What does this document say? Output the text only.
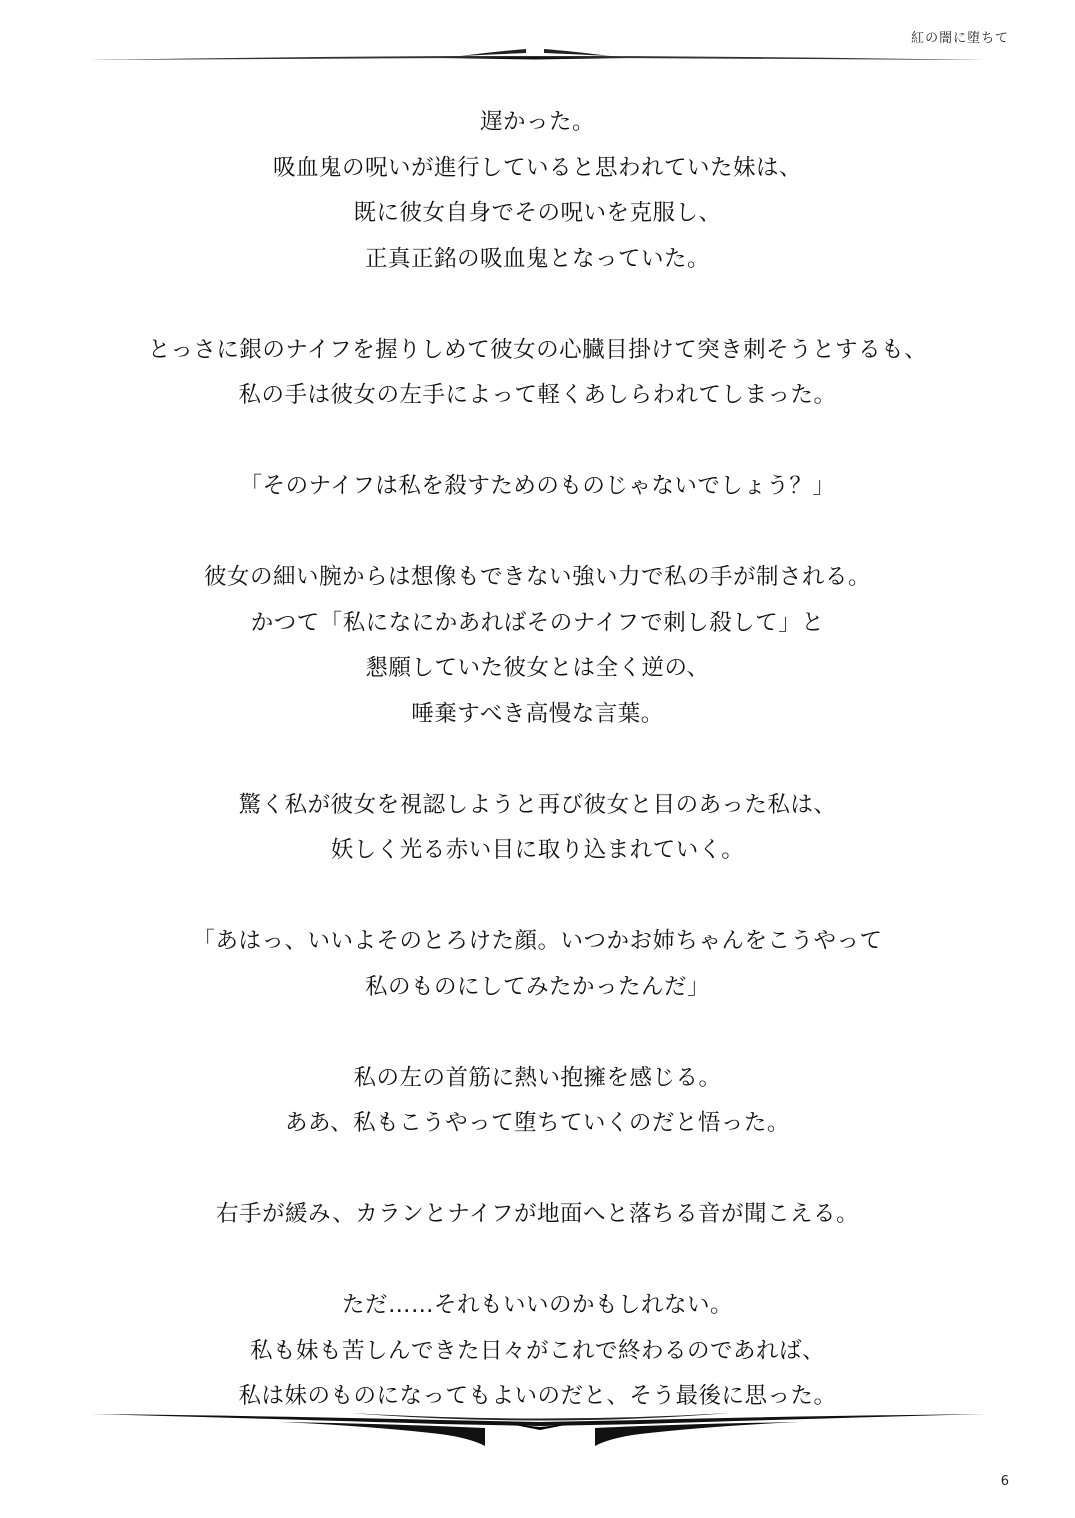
紅の闇に堕ちて
遅かった。
吸血鬼の呪いが進行していると思われていた妹は、
既に彼女自身でその呪いを克服し、
正真正銘の吸血鬼となっていた。
とっさに銀のナイフを握りしめて彼女の心臓目掛けて突き刺そうとするも、
私の手は彼女の左手によって軽くあしらわれてしまった。
「そのナイフは私を殺すためのものじゃないでしょう？」
彼女の細い腕からは想像もできない強い力で私の手が制される。
かつて「私になにかあればそのナイフで刺し殺して」と
懇願していた彼女とは全く逆の、
唾棄すべき高慢な言葉。
驚く私が彼女を視認しようと再び彼女と目のあった私は、
妖しく光る赤い目に取り込まれていく。
「あはっ、いいよそのとろけた顔。いつかお姉ちゃんをこうやって
私のものにしてみたかったんだ」
私の左の首筋に熱い抱擁を感じる。
ああ、私もこうやって堕ちていくのだと悟った。
右手が緩み、カランとナイフが地面へと落ちる音が聞こえる。
ただ……それもいいのかもしれない。
私も妹も苦しんできた日々がこれで終わるのであれば、
私は妹のものになってもよいのだと、そう最後に思った。
6
